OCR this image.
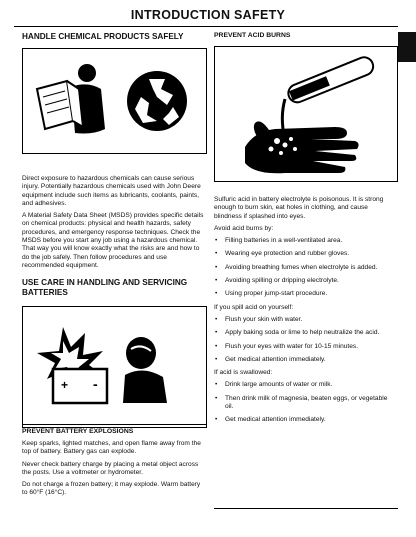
INTRODUCTION SAFETY
HANDLE CHEMICAL PRODUCTS SAFELY

Direct exposure to hazardous chemicals can cause serious injury. Potentially hazardous chemicals used with John Deere equipment include such items as lubricants, coolants, paints, and adhesives.

A Material Safety Data Sheet (MSDS) provides specific details on chemical products: physical and health hazards, safety procedures, and emergency response techniques. Check the MSDS before you start any job using a hazardous chemical. That way you will know exactly what the risks are and how to do the job safely. Then follow procedures and use recommended equipment.

USE CARE IN HANDLING AND SERVICING BATTERIES
+ -
PREVENT BATTERY EXPLOSIONS

Keep sparks, lighted matches, and open flame away from the top of battery. Battery gas can explode.

Never check battery charge by placing a metal object across the posts. Use a voltmeter or hydrometer.

Do not charge a frozen battery; it may explode. Warm battery to 60°F (16°C).

PREVENT ACID BURNS

Sulfuric acid in battery electrolyte is poisonous. It is strong enough to burn skin, eat holes in clothing, and cause blindness if splashed into eyes.

Avoid acid burns by:

• Filling batteries in a well-ventilated area.
• Wearing eye protection and rubber gloves.
• Avoiding breathing fumes when electrolyte is added.
• Avoiding spilling or dripping electrolyte.
• Using proper jump-start procedure.

If you spill acid on yourself:

• Flush your skin with water.
• Apply baking soda or lime to help neutralize the acid.
• Flush your eyes with water for 10-15 minutes.
• Get medical attention immediately.

If acid is swallowed:

• Drink large amounts of water or milk.
• Then drink milk of magnesia, beaten eggs, or vegetable oil.
• Get medical attention immediately.
